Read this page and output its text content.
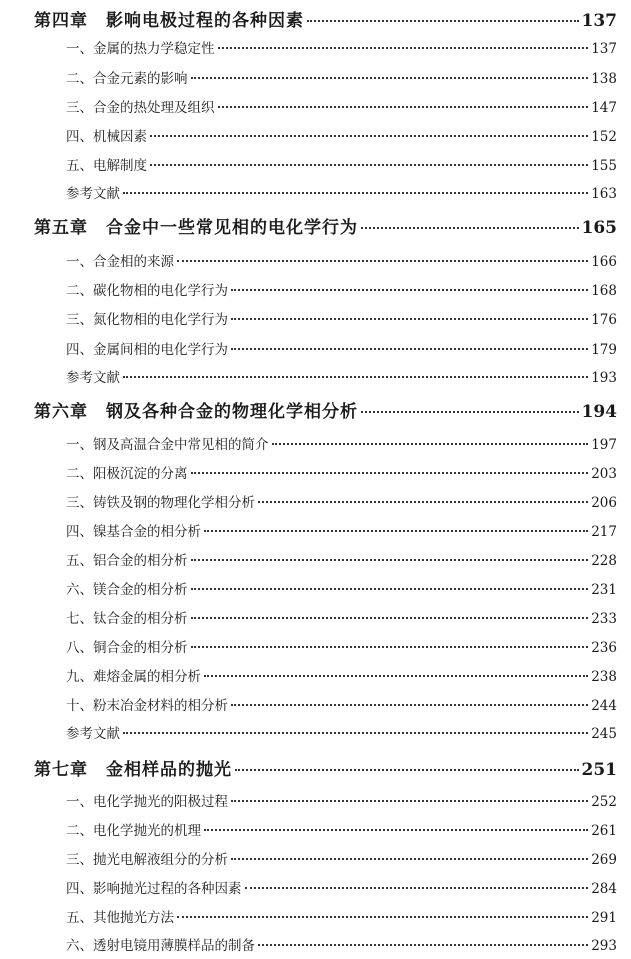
第四章　影响电极过程的各种因素	137
一、金属的热力学稳定性	137
二、合金元素的影响	138
三、合金的热处理及组织	147
四、机械因素	152
五、电解制度	155
参考文献	163
第五章　合金中一些常见相的电化学行为	165
一、合金相的来源	166
二、碳化物相的电化学行为	168
三、氮化物相的电化学行为	176
四、金属间相的电化学行为	179
参考文献	193
第六章　钢及各种合金的物理化学相分析	194
一、钢及高温合金中常见相的简介	197
二、阳极沉淀的分离	203
三、铸铁及钢的物理化学相分析	206
四、镍基合金的相分析	217
五、铝合金的相分析	228
六、镁合金的相分析	231
七、钛合金的相分析	233
八、铜合金的相分析	236
九、难熔金属的相分析	238
十、粉末冶金材料的相分析	244
参考文献	245
第七章　金相样品的抛光	251
一、电化学抛光的阳极过程	252
二、电化学抛光的机理	261
三、抛光电解液组分的分析	269
四、影响抛光过程的各种因素	284
五、其他抛光方法	291
六、透射电镜用薄膜样品的制备	293
